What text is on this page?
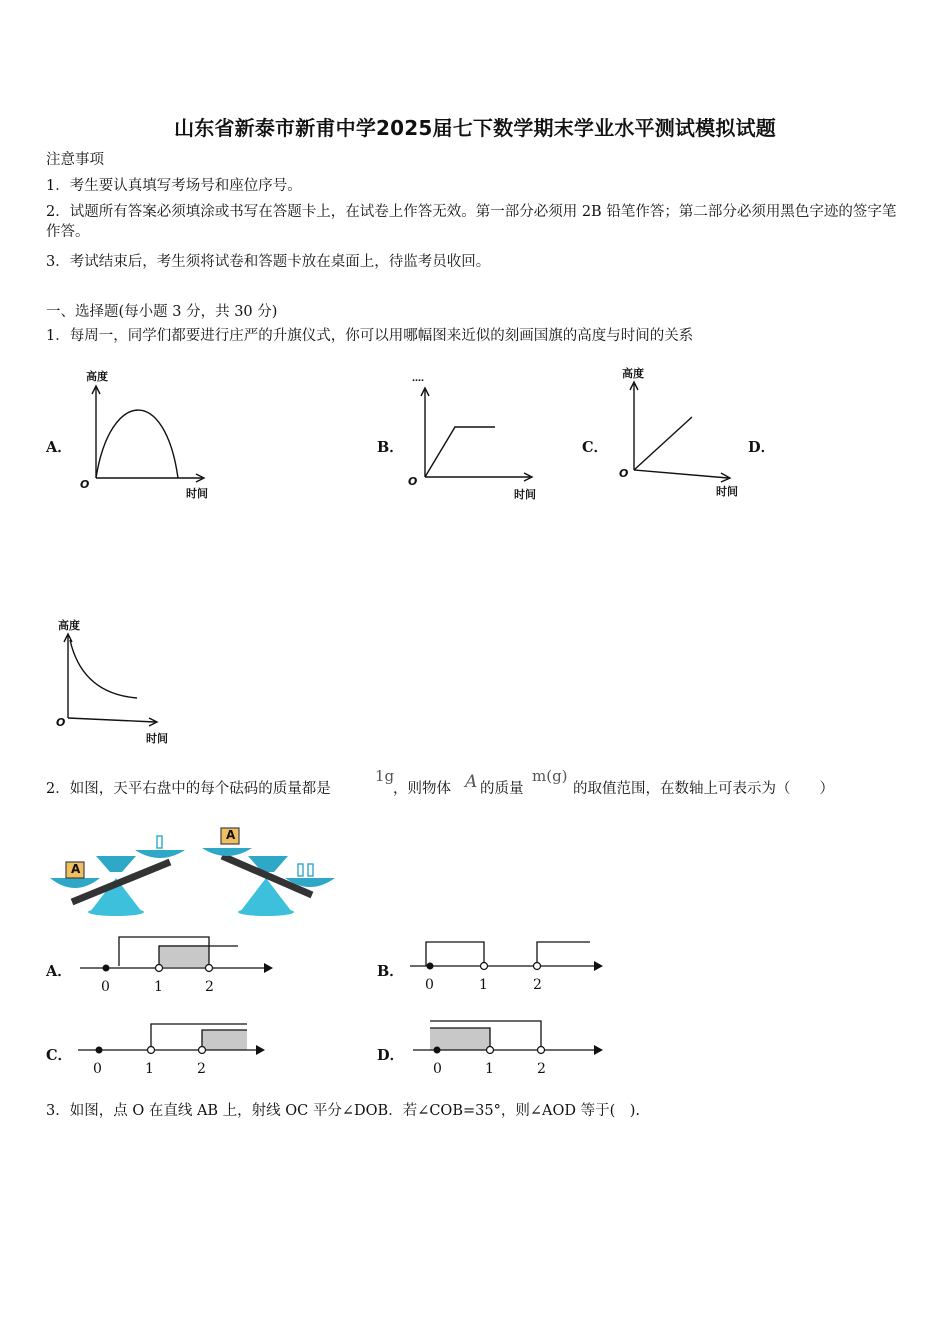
山东省新泰市新甫中学2025届七下数学期末学业水平测试模拟试题
注意事项
1．考生要认真填写考场号和座位序号。
2．试题所有答案必须填涂或书写在答题卡上，在试卷上作答无效。第一部分必须用 2B 铅笔作答；第二部分必须用黑色字迹的签字笔作答。
3．考试结束后，考生须将试卷和答题卡放在桌面上，待监考员收回。
一、选择题(每小题 3 分，共 30 分)
1．每周一，同学们都要进行庄严的升旗仪式，你可以用哪幅图来近似的刻画国旗的高度与时间的关系
A．	B．	C．	D．
高度
时间
O
‥‥
时间
O
高度
时间
O
高度
时间
O
2．如图，天平右盘中的每个砝码的质量都是
1g
，则物体 A 的质量
m(g)
的取值范围，在数轴上可表示为（　　）
A
A
A．	B．
C．	D．
0	1	2	0	1	2
0	1	2	0	1	2
3．如图，点 O 在直线 AB 上，射线 OC 平分∠DOB．若∠COB=35°，则∠AOD 等于(　).
